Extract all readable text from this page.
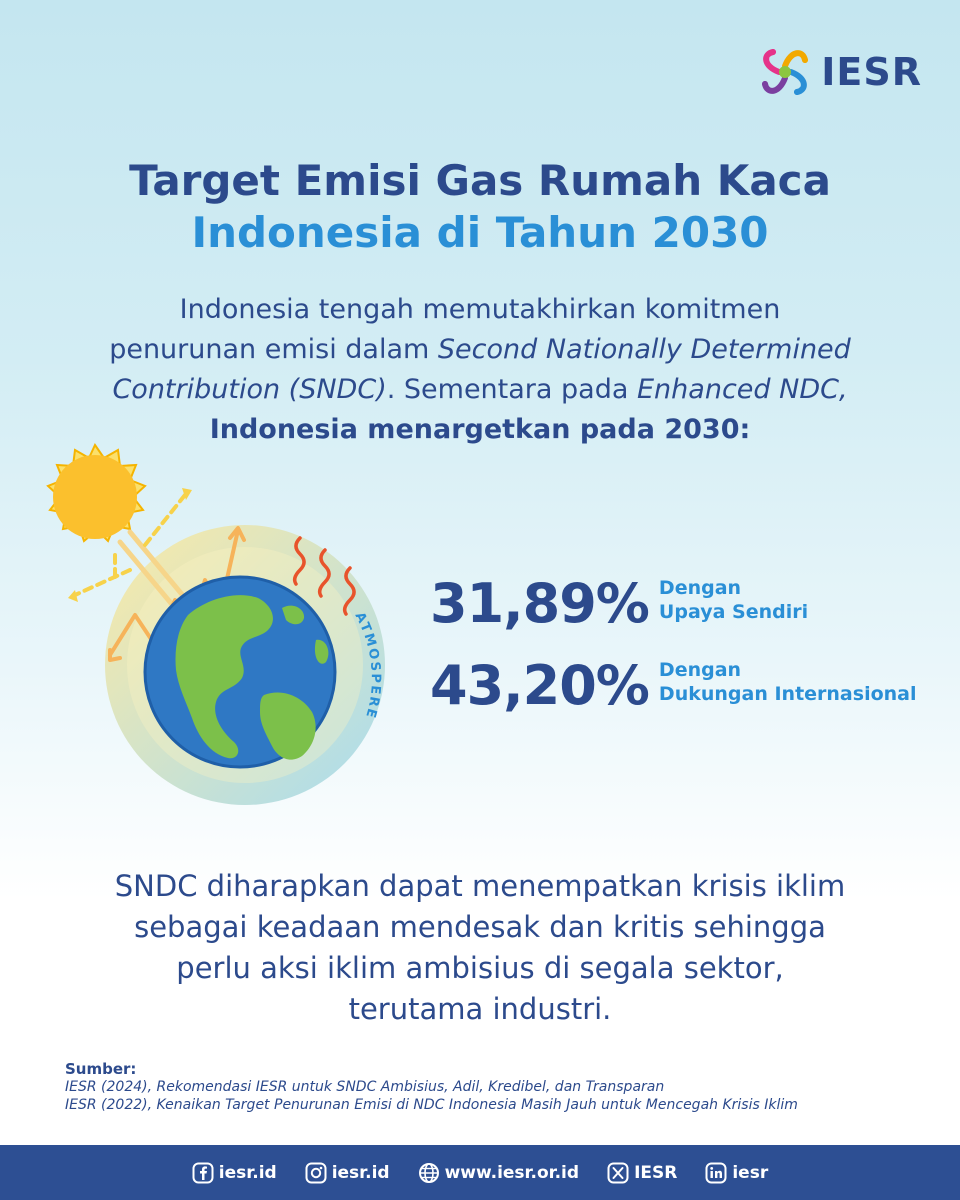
IESR
Target Emisi Gas Rumah Kaca
Indonesia di Tahun 2030
Indonesia tengah memutakhirkan komitmen
penurunan emisi dalam Second Nationally Determined
Contribution (SNDC). Sementara pada Enhanced NDC,
Indonesia menargetkan pada 2030:
ATMOSPERE
31,89% Dengan
Upaya Sendiri
43,20% Dengan
Dukungan Internasional
SNDC diharapkan dapat menempatkan krisis iklim
sebagai keadaan mendesak dan kritis sehingga
perlu aksi iklim ambisius di segala sektor,
terutama industri.
Sumber:
IESR (2024), Rekomendasi IESR untuk SNDC Ambisius, Adil, Kredibel, dan Transparan
IESR (2022), Kenaikan Target Penurunan Emisi di NDC Indonesia Masih Jauh untuk Mencegah Krisis Iklim
iesr.id	iesr.id	www.iesr.or.id	IESR	iesr
